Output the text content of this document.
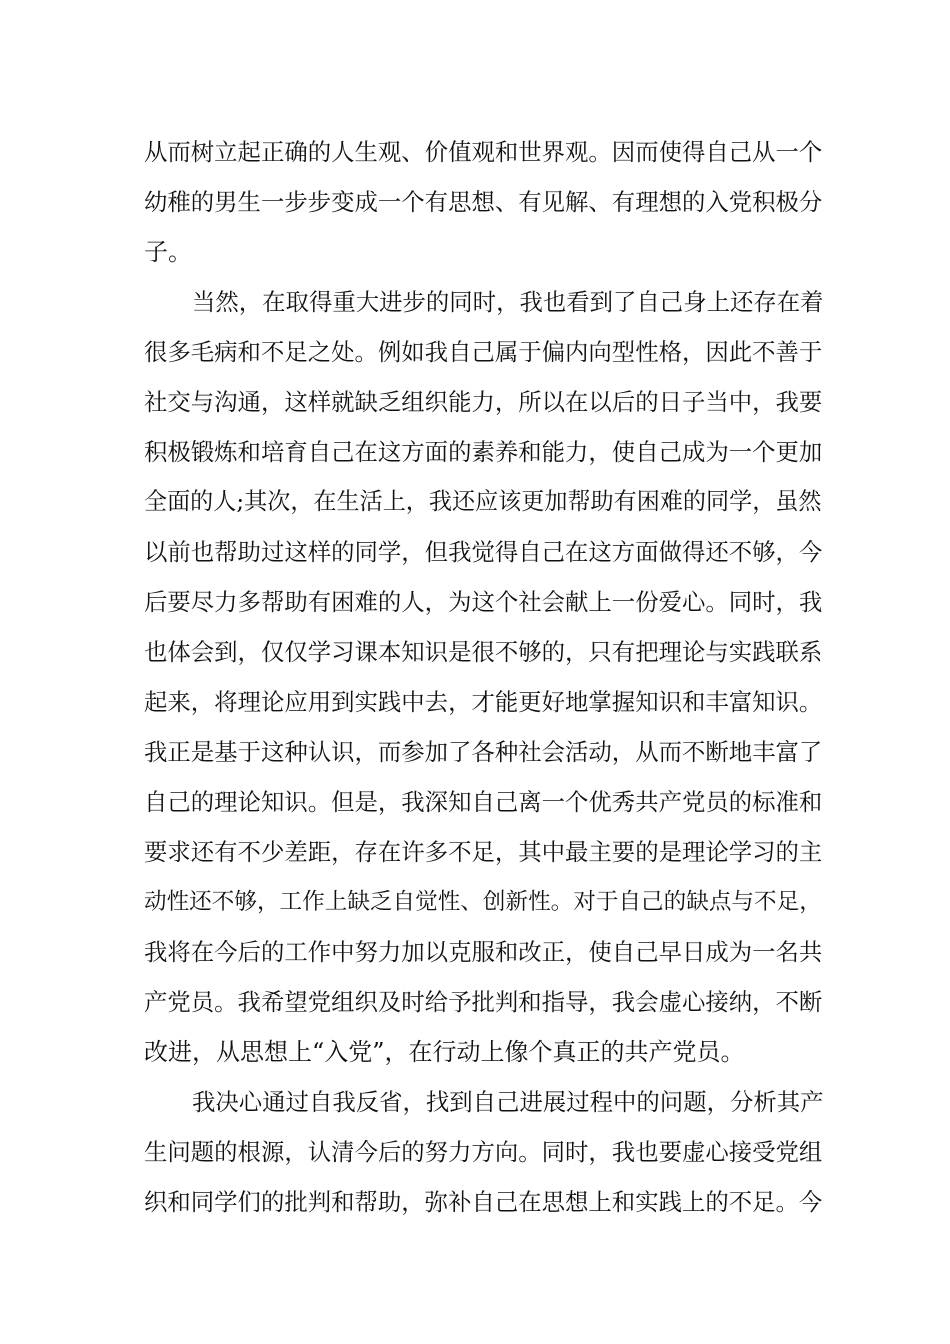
从而树立起正确的人生观、价值观和世界观。因而使得自己从一个
幼稚的男生一步步变成一个有思想、有见解、有理想的入党积极分
子。
当然，在取得重大进步的同时，我也看到了自己身上还存在着
很多毛病和不足之处。例如我自己属于偏内向型性格，因此不善于
社交与沟通，这样就缺乏组织能力，所以在以后的日子当中，我要
积极锻炼和培育自己在这方面的素养和能力，使自己成为一个更加
全面的人;其次，在生活上，我还应该更加帮助有困难的同学，虽然
以前也帮助过这样的同学，但我觉得自己在这方面做得还不够，今
后要尽力多帮助有困难的人，为这个社会献上一份爱心。同时，我
也体会到，仅仅学习课本知识是很不够的，只有把理论与实践联系
起来，将理论应用到实践中去，才能更好地掌握知识和丰富知识。
我正是基于这种认识，而参加了各种社会活动，从而不断地丰富了
自己的理论知识。但是，我深知自己离一个优秀共产党员的标准和
要求还有不少差距，存在许多不足，其中最主要的是理论学习的主
动性还不够，工作上缺乏自觉性、创新性。对于自己的缺点与不足，
我将在今后的工作中努力加以克服和改正，使自己早日成为一名共
产党员。我希望党组织及时给予批判和指导，我会虚心接纳，不断
改进，从思想上“入党”，在行动上像个真正的共产党员。
我决心通过自我反省，找到自己进展过程中的问题，分析其产
生问题的根源，认清今后的努力方向。同时，我也要虚心接受党组
织和同学们的批判和帮助，弥补自己在思想上和实践上的不足。今
